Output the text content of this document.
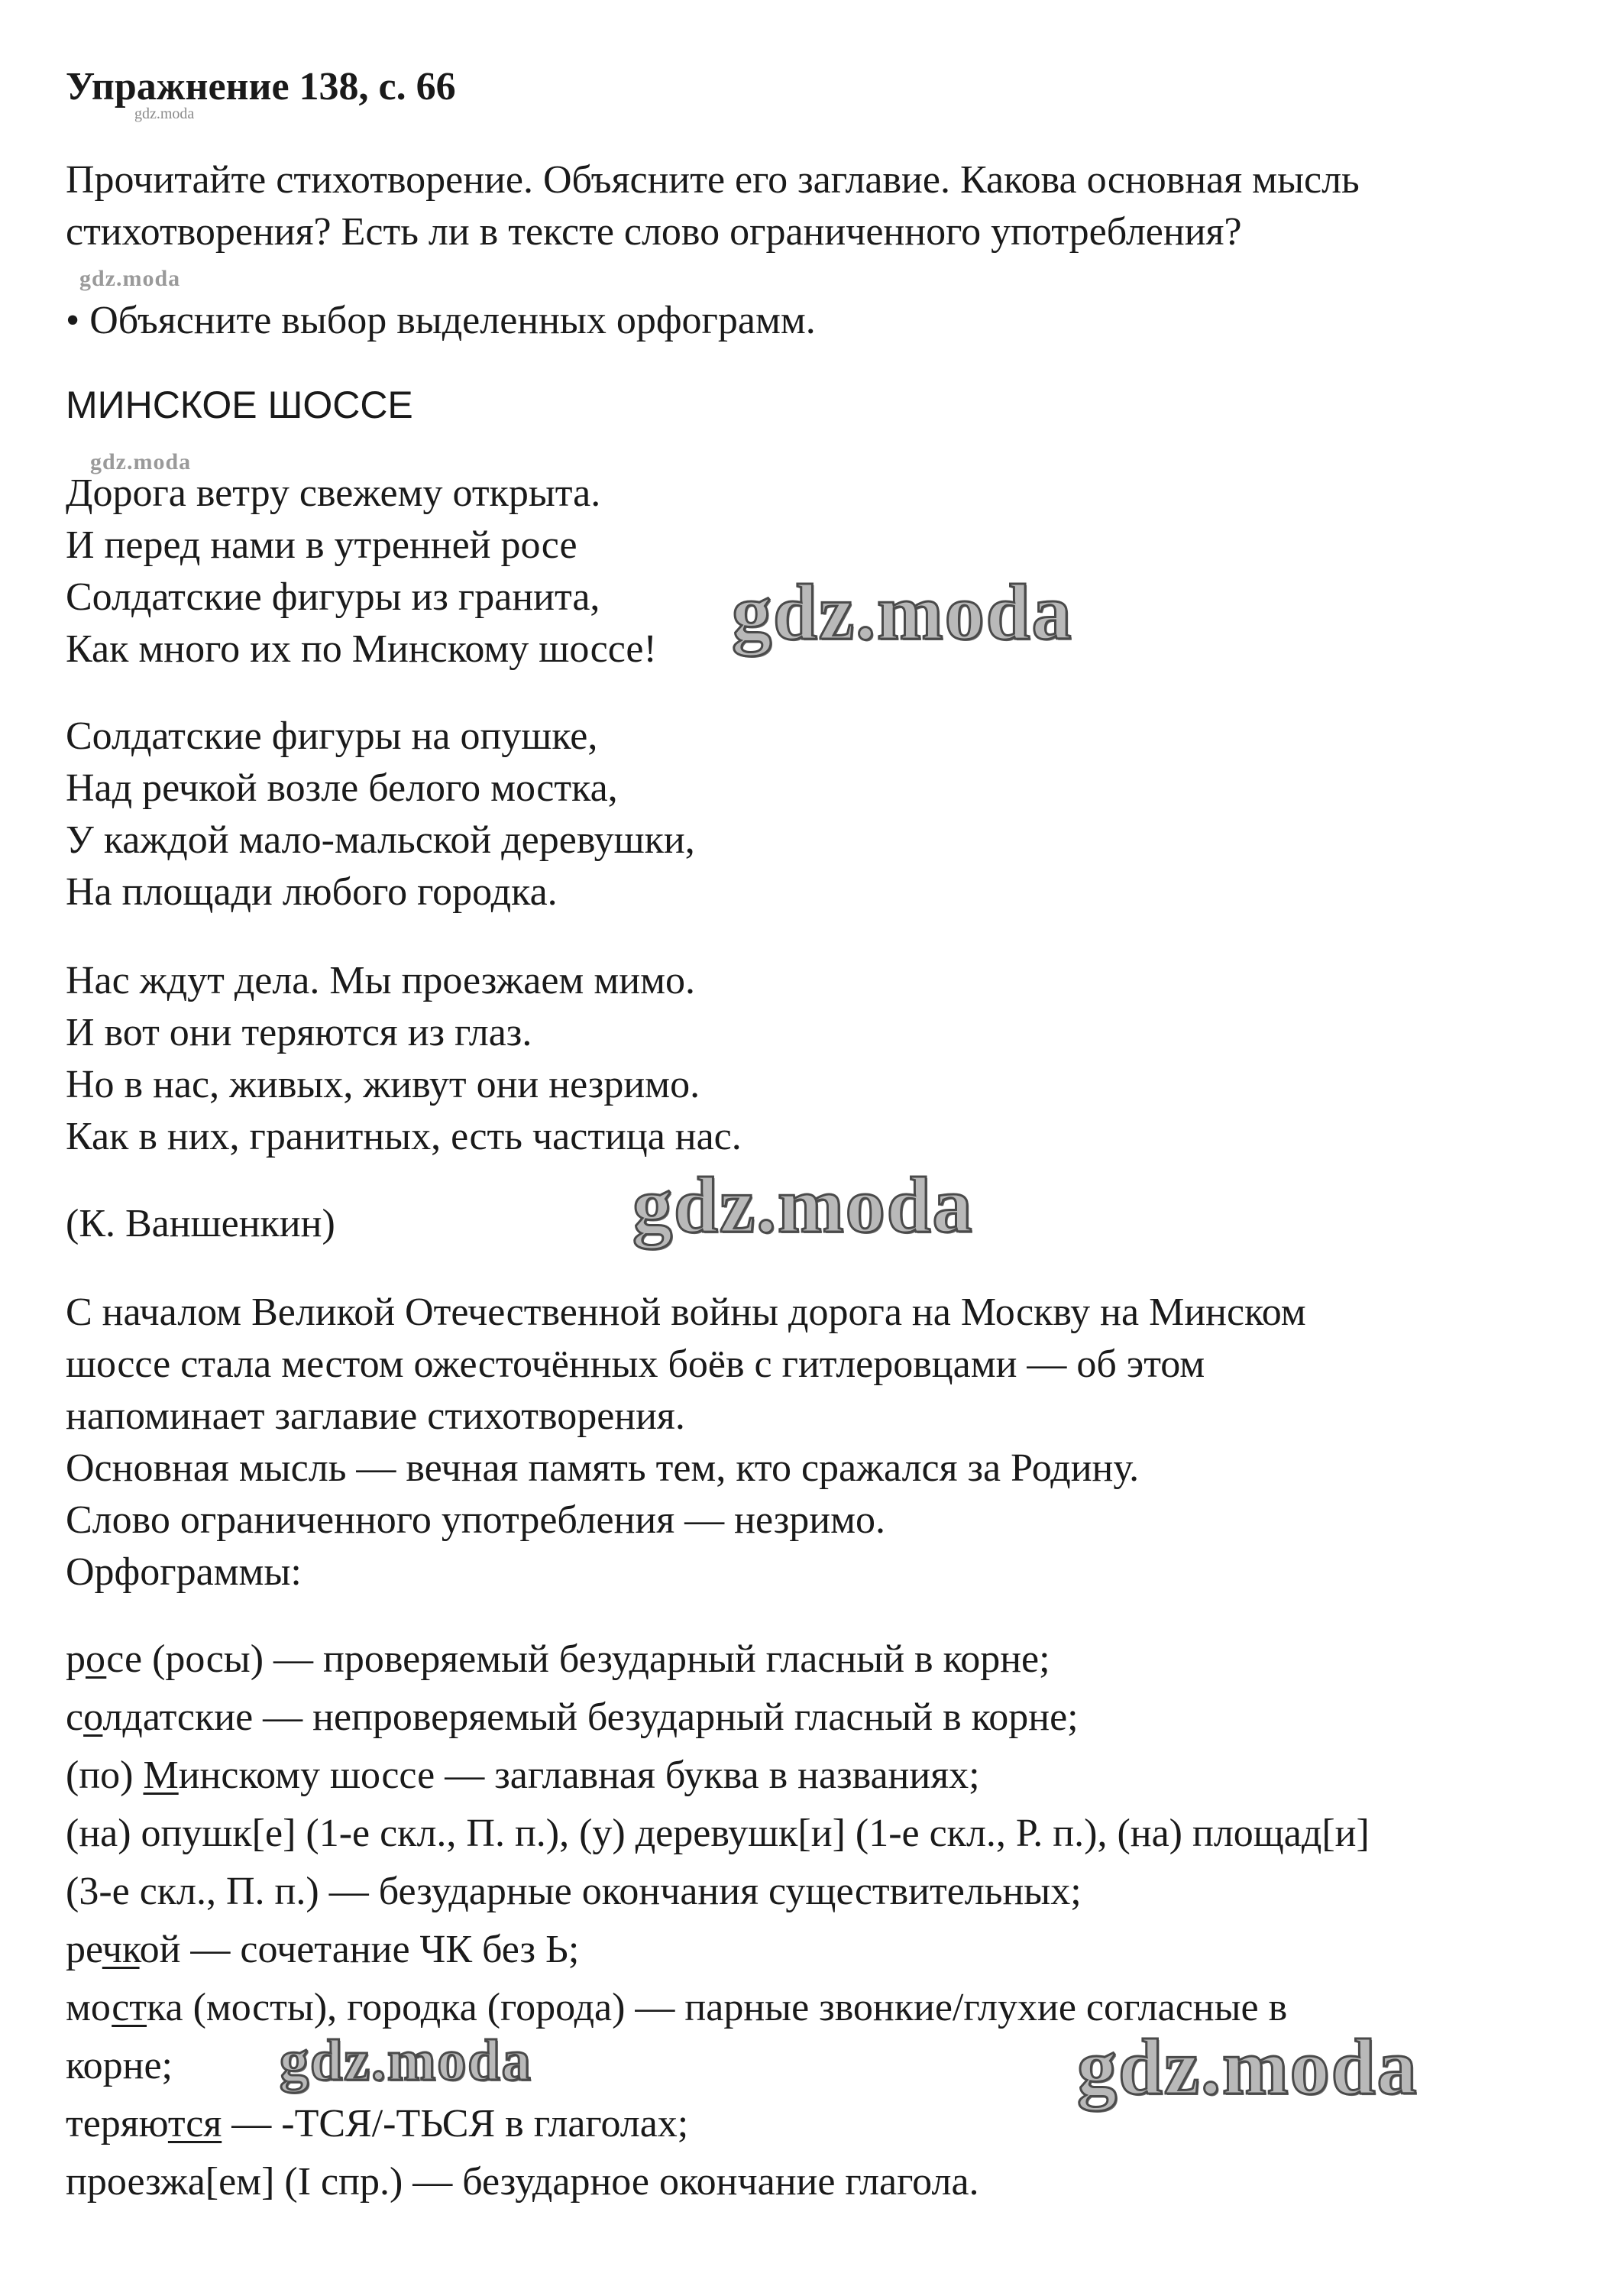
Упражнение 138, с. 66
Прочитайте стихотворение. Объясните его заглавие. Какова основная мысль
стихотворения? Есть ли в тексте слово ограниченного употребления?
• Объясните выбор выделенных орфограмм.
МИНСКОЕ ШОССЕ
Дорога ветру свежему открыта.
И перед нами в утренней росе
Солдатские фигуры из гранита,
Как много их по Минскому шоссе!
Солдатские фигуры на опушке,
Над речкой возле белого мостка,
У каждой мало-мальской деревушки,
На площади любого городка.
Нас ждут дела. Мы проезжаем мимо.
И вот они теряются из глаз.
Но в нас, живых, живут они незримо.
Как в них, гранитных, есть частица нас.
(К. Ваншенкин)
С началом Великой Отечественной войны дорога на Москву на Минском
шоссе стала местом ожесточённых боёв с гитлеровцами — об этом
напоминает заглавие стихотворения.
Основная мысль — вечная память тем, кто сражался за Родину.
Слово ограниченного употребления — незримо.
Орфограммы:
росе (росы) — проверяемый безударный гласный в корне;
солдатские — непроверяемый безударный гласный в корне;
(по) Минскому шоссе — заглавная буква в названиях;
(на) опушк[е] (1-е скл., П. п.), (у) деревушк[и] (1-е скл., Р. п.), (на) площад[и]
(3-е скл., П. п.) — безударные окончания существительных;
речкой — сочетание ЧК без Ь;
мостка (мосты), городка (города) — парные звонкие/глухие согласные в
корне;
теряются — -ТСЯ/-ТЬСЯ в глаголах;
проезжа[ем] (I спр.) — безударное окончание глагола.
gdz.moda
gdz.moda
gdz.moda
gdz.moda
gdz.moda
gdz.moda	gdz.moda
